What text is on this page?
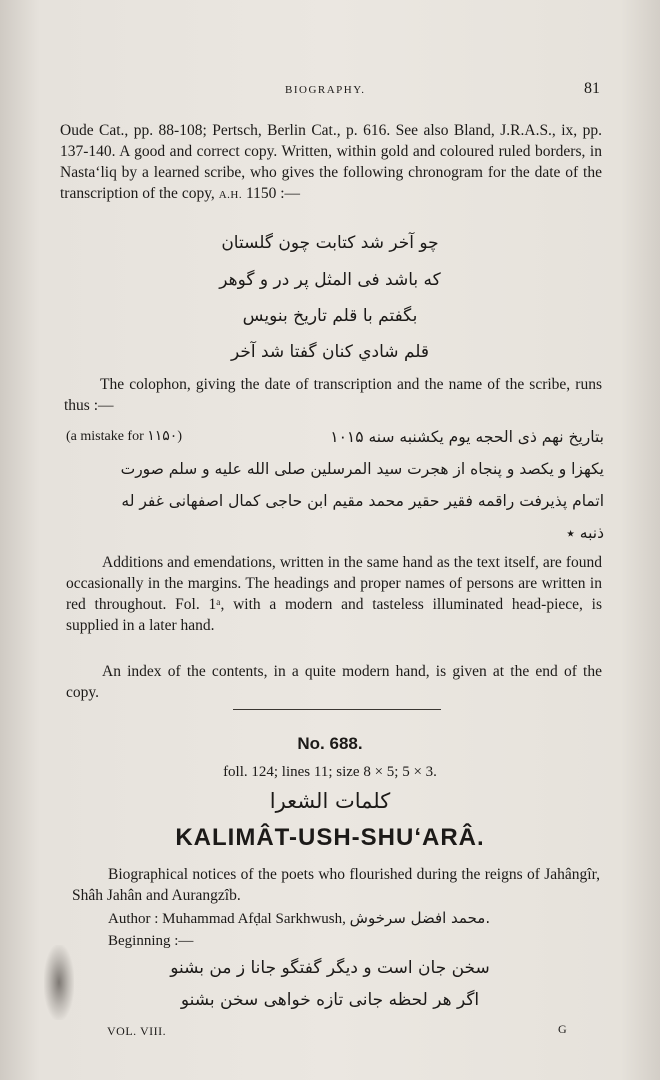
BIOGRAPHY.	81

Oude Cat., pp. 88-108; Pertsch, Berlin Cat., p. 616. See also Bland, J.R.A.S., ix, pp. 137-140. A good and correct copy. Written, within gold and coloured ruled borders, in Nastaʻliq by a learned scribe, who gives the following chronogram for the date of the transcription of the copy, A.H. 1150 :—

چو آخر شد کتابت چون گلستان
که باشد فی المثل پر در و گوهر
بگفتم با قلم تاریخ بنویس
قلم شادي کنان گفتا شد آخر

The colophon, giving the date of transcription and the name of the scribe, runs thus :—

(a mistake for ۱۱۵۰)	بتاریخ نهم ذی الحجه یوم یکشنبه سنه ۱۰۱۵
یکهزا و یکصد و پنجاه از هجرت سید المرسلین صلی الله علیه و سلم صورت
اتمام پذیرفت راقمه فقیر حقیر محمد مقیم ابن حاجی کمال اصفهانی غفر له
ذنبه ٭

Additions and emendations, written in the same hand as the text itself, are found occasionally in the margins. The headings and proper names of persons are written in red throughout. Fol. 1ᵃ, with a modern and tasteless illuminated head-piece, is supplied in a later hand.

An index of the contents, in a quite modern hand, is given at the end of the copy.

No. 688.
foll. 124; lines 11; size 8 × 5; 5 × 3.
کلمات الشعرا
KALIMÂT-USH-SHUʻARÂ.

Biographical notices of the poets who flourished during the reigns of Jahângîr, Shâh Jahân and Aurangzîb.

Author : Muhammad Afḍal Sarkhwush, محمد افضل سرخوش.
Beginning :—
سخن جان است و دیگر گفتگو جانا ز من بشنو
اگر هر لحظه جانی تازه خواهی سخن بشنو
VOL. VIII.	G
